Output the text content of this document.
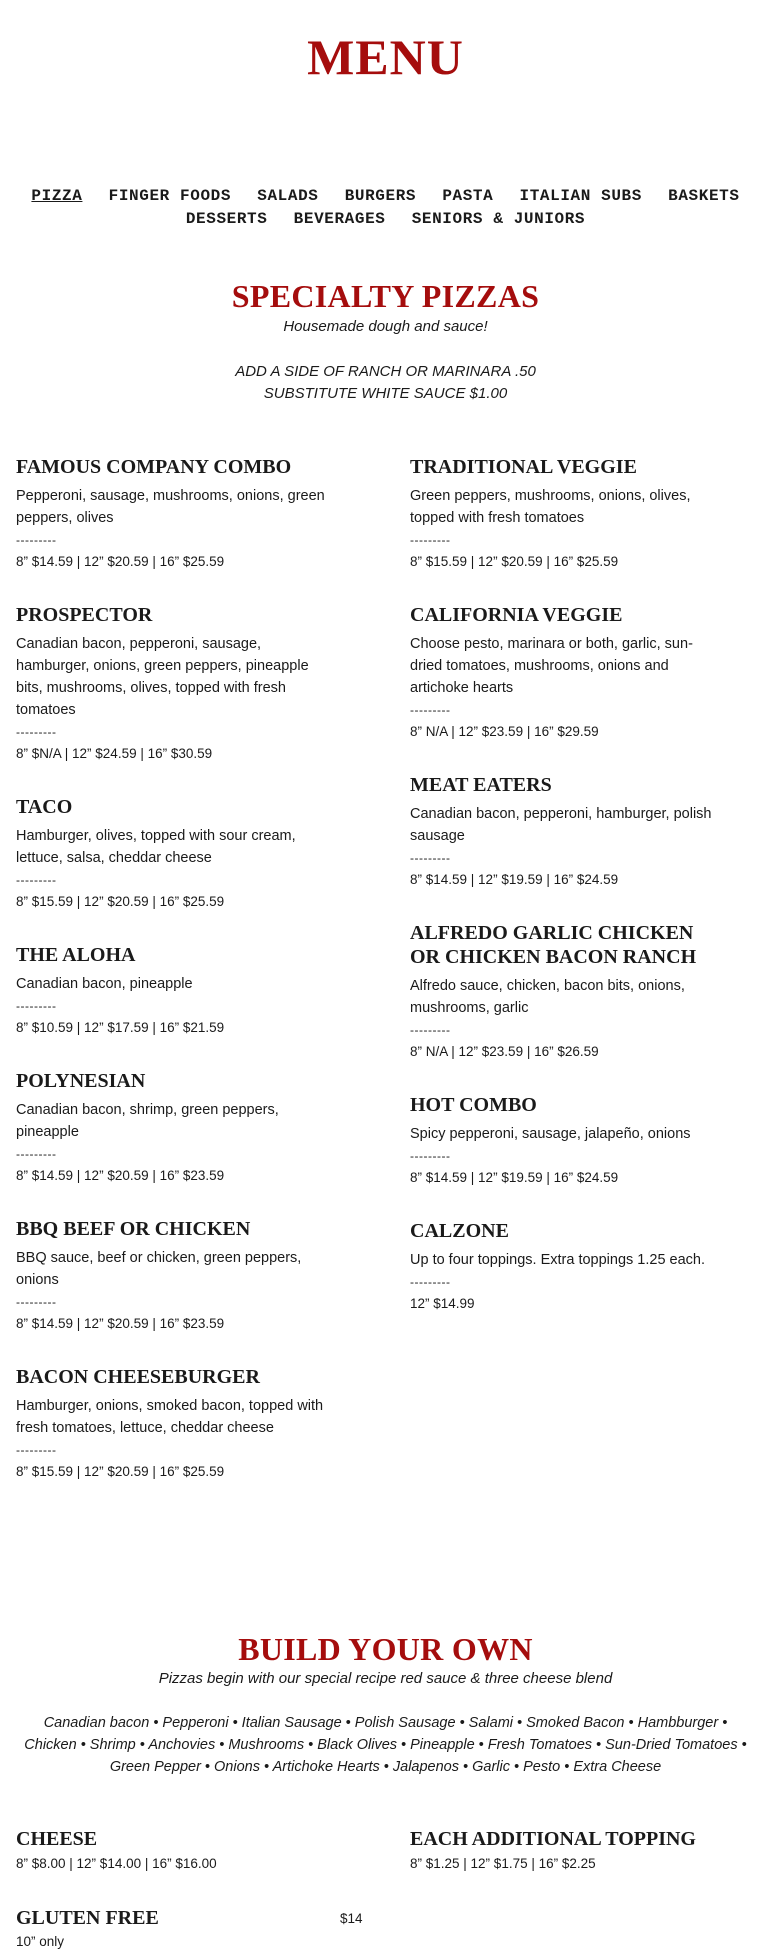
MENU
PIZZA FINGER FOODS SALADS BURGERS PASTA ITALIAN SUBS BASKETS
DESSERTS BEVERAGES SENIORS & JUNIORS
SPECIALTY PIZZAS

Housemade dough and sauce!

ADD A SIDE OF RANCH OR MARINARA .50

SUBSTITUTE WHITE SAUCE $1.00

FAMOUS COMPANY COMBO

Pepperoni, sausage, mushrooms, onions, green peppers, olives

---------

8” $14.59 | 12” $20.59 | 16” $25.59

PROSPECTOR

Canadian bacon, pepperoni, sausage, hamburger, onions, green peppers, pineapple bits, mushrooms, olives, topped with fresh tomatoes

---------

8” $N/A | 12” $24.59 | 16” $30.59

TACO

Hamburger, olives, topped with sour cream, lettuce, salsa, cheddar cheese

---------

8” $15.59 | 12” $20.59 | 16” $25.59

THE ALOHA

Canadian bacon, pineapple

---------

8” $10.59 | 12” $17.59 | 16” $21.59

POLYNESIAN

Canadian bacon, shrimp, green peppers, pineapple

---------

8” $14.59 | 12” $20.59 | 16” $23.59

BBQ BEEF OR CHICKEN

BBQ sauce, beef or chicken, green peppers, onions

---------

8” $14.59 | 12” $20.59 | 16” $23.59

BACON CHEESEBURGER

Hamburger, onions, smoked bacon, topped with fresh tomatoes, lettuce, cheddar cheese

---------

8” $15.59 | 12” $20.59 | 16” $25.59

TRADITIONAL VEGGIE

Green peppers, mushrooms, onions, olives, topped with fresh tomatoes

---------

8” $15.59 | 12” $20.59 | 16” $25.59

CALIFORNIA VEGGIE

Choose pesto, marinara or both, garlic, sun-dried tomatoes, mushrooms, onions and artichoke hearts

---------

8” N/A | 12” $23.59 | 16” $29.59

MEAT EATERS

Canadian bacon, pepperoni, hamburger, polish sausage

---------

8” $14.59 | 12” $19.59 | 16” $24.59

ALFREDO GARLIC CHICKEN OR CHICKEN BACON RANCH

Alfredo sauce, chicken, bacon bits, onions, mushrooms, garlic

---------

8” N/A | 12” $23.59 | 16” $26.59

HOT COMBO

Spicy pepperoni, sausage, jalapeño, onions

---------

8” $14.59 | 12” $19.59 | 16” $24.59

CALZONE

Up to four toppings. Extra toppings 1.25 each.

---------

12” $14.99

BUILD YOUR OWN

Pizzas begin with our special recipe red sauce & three cheese blend

Canadian bacon • Pepperoni • Italian Sausage • Polish Sausage • Salami • Smoked Bacon • Hambburger • Chicken • Shrimp • Anchovies • Mushrooms • Black Olives • Pineapple • Fresh Tomatoes • Sun-Dried Tomatoes • Green Pepper • Onions • Artichoke Hearts • Jalapenos • Garlic • Pesto • Extra Cheese

CHEESE

8” $8.00 | 12” $14.00 | 16” $16.00

EACH ADDITIONAL TOPPING

8” $1.25 | 12” $1.75 | 16” $2.25

GLUTEN FREE	$14

10” only
